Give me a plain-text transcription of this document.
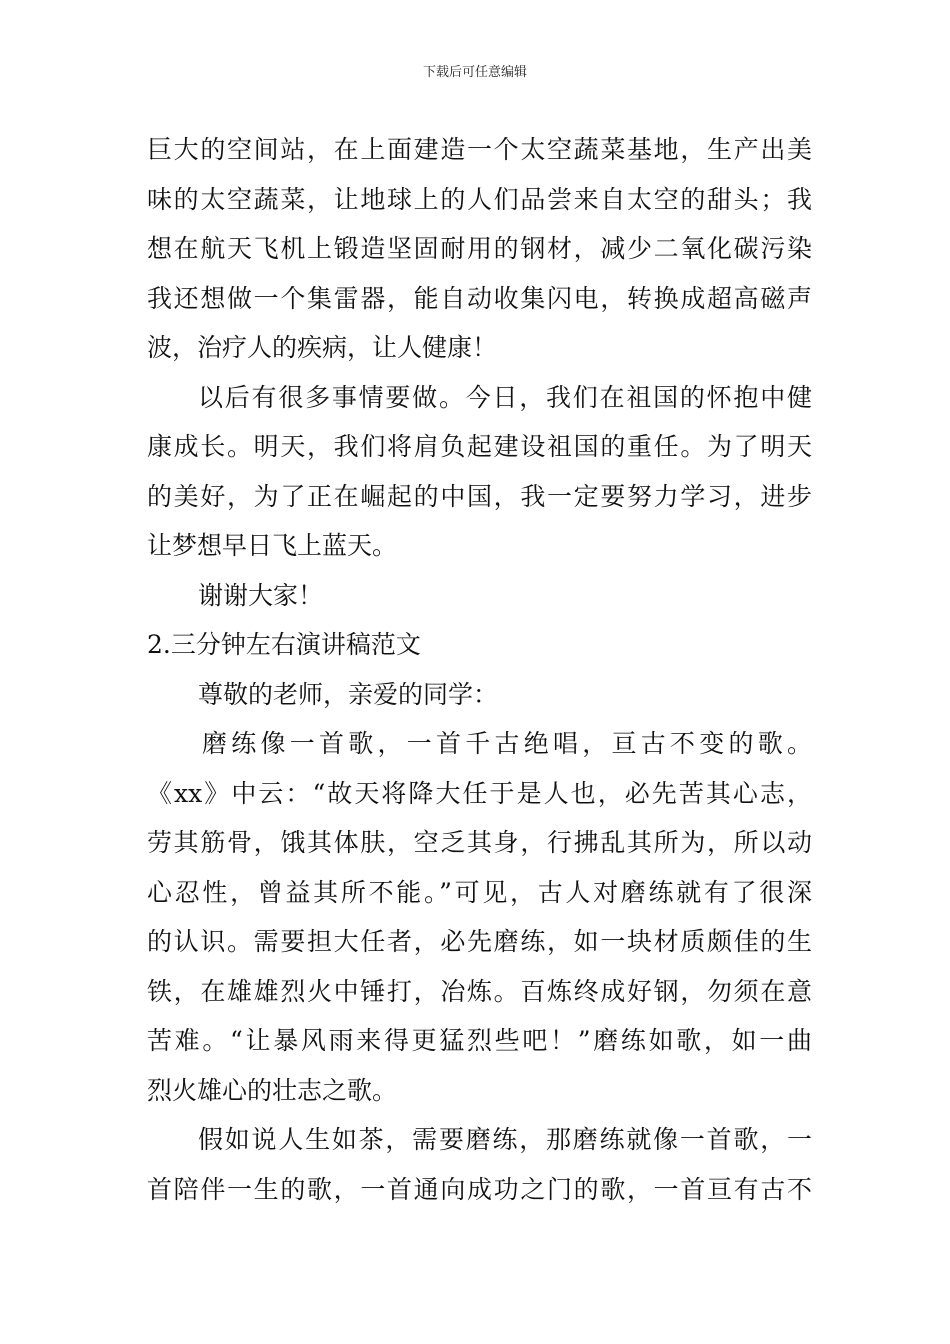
下载后可任意编辑
巨大的空间站，在上面建造一个太空蔬菜基地，生产出美
味的太空蔬菜，让地球上的人们品尝来自太空的甜头；我
想在航天飞机上锻造坚固耐用的钢材，减少二氧化碳污染
我还想做一个集雷器，能自动收集闪电，转换成超高磁声
波，治疗人的疾病，让人健康！
以后有很多事情要做。今日，我们在祖国的怀抱中健
康成长。明天，我们将肩负起建设祖国的重任。为了明天
的美好，为了正在崛起的中国，我一定要努力学习，进步
让梦想早日飞上蓝天。
谢谢大家！
2.三分钟左右演讲稿范文
尊敬的老师，亲爱的同学：
磨练像一首歌，一首千古绝唱，亘古不变的歌。
《xx》中云：“故天将降大任于是人也，必先苦其心志，
劳其筋骨，饿其体肤，空乏其身，行拂乱其所为，所以动
心忍性，曾益其所不能。”可见，古人对磨练就有了很深
的认识。需要担大任者，必先磨练，如一块材质颇佳的生
铁，在雄雄烈火中锤打，冶炼。百炼终成好钢，勿须在意
苦难。“让暴风雨来得更猛烈些吧！”磨练如歌，如一曲
烈火雄心的壮志之歌。
假如说人生如茶，需要磨练，那磨练就像一首歌，一
首陪伴一生的歌，一首通向成功之门的歌，一首亘有古不
